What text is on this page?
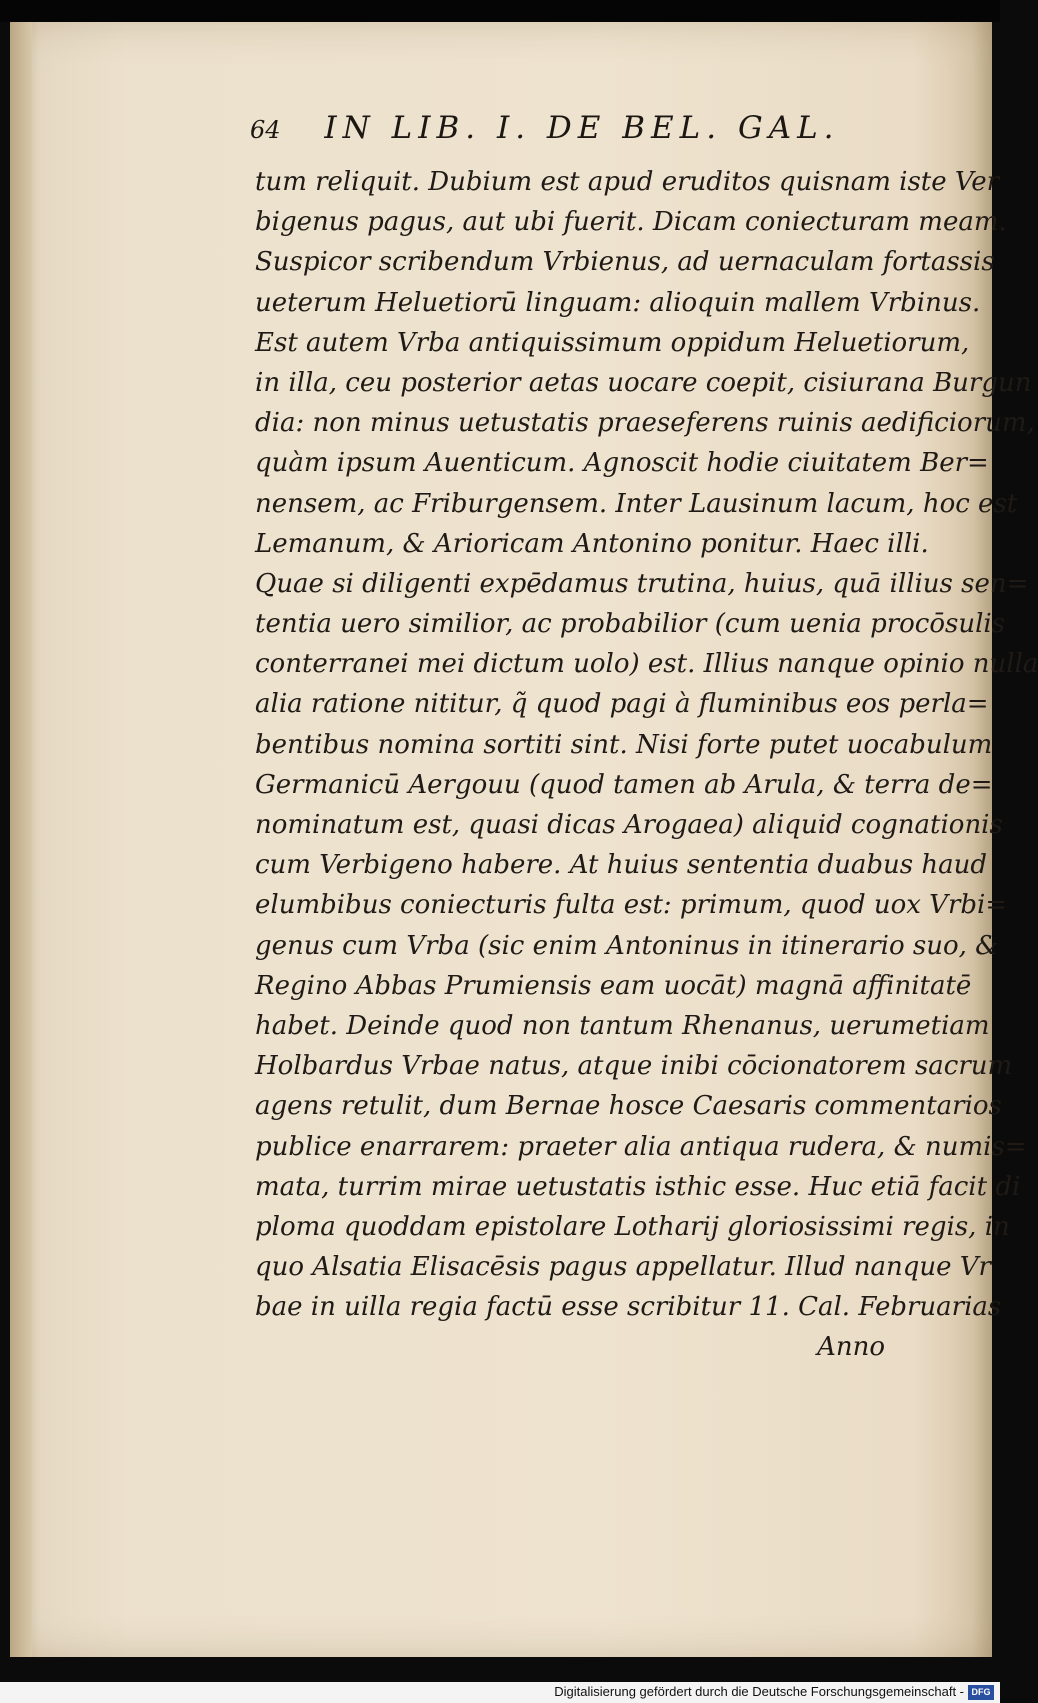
64 IN LIB. I. DE BEL. GAL.
tum reliquit. Dubium est apud eruditos quisnam iste Ver
bigenus pagus, aut ubi fuerit. Dicam coniecturam meam.
Suspicor scribendum Vrbienus, ad uernaculam fortassis
ueterum Heluetiorū linguam: alioquin mallem Vrbinus.
Est autem Vrba antiquissimum oppidum Heluetiorum,
in illa, ceu posterior aetas uocare coepit, cisiurana Burgun
dia: non minus uetustatis praeseferens ruinis aedificiorum,
quàm ipsum Auenticum. Agnoscit hodie ciuitatem Ber=
nensem, ac Friburgensem. Inter Lausinum lacum, hoc est
Lemanum, & Arioricam Antonino ponitur. Haec illi.
Quae si diligenti expēdamus trutina, huius, quā illius sen=
tentia uero similior, ac probabilior (cum uenia procōsulis
conterranei mei dictum uolo) est. Illius nanque opinio nulla
alia ratione nititur, q̃ quod pagi à fluminibus eos perla=
bentibus nomina sortiti sint. Nisi forte putet uocabulum
Germanicū Aergouu (quod tamen ab Arula, & terra de=
nominatum est, quasi dicas Arogaea) aliquid cognationis
cum Verbigeno habere. At huius sententia duabus haud
elumbibus coniecturis fulta est: primum, quod uox Vrbi=
genus cum Vrba (sic enim Antoninus in itinerario suo, &
Regino Abbas Prumiensis eam uocāt) magnā affinitatē
habet. Deinde quod non tantum Rhenanus, uerumetiam
Holbardus Vrbae natus, atque inibi cōcionatorem sacrum
agens retulit, dum Bernae hosce Caesaris commentarios
publice enarrarem: praeter alia antiqua rudera, & numis=
mata, turrim mirae uetustatis isthic esse. Huc etiā facit di
ploma quoddam epistolare Lotharij gloriosissimi regis, in
quo Alsatia Elisacēsis pagus appellatur. Illud nanque Vr
bae in uilla regia factū esse scribitur 11. Cal. Februarias
Anno
Digitalisierung gefördert durch die Deutsche Forschungsgemeinschaft - DFG
